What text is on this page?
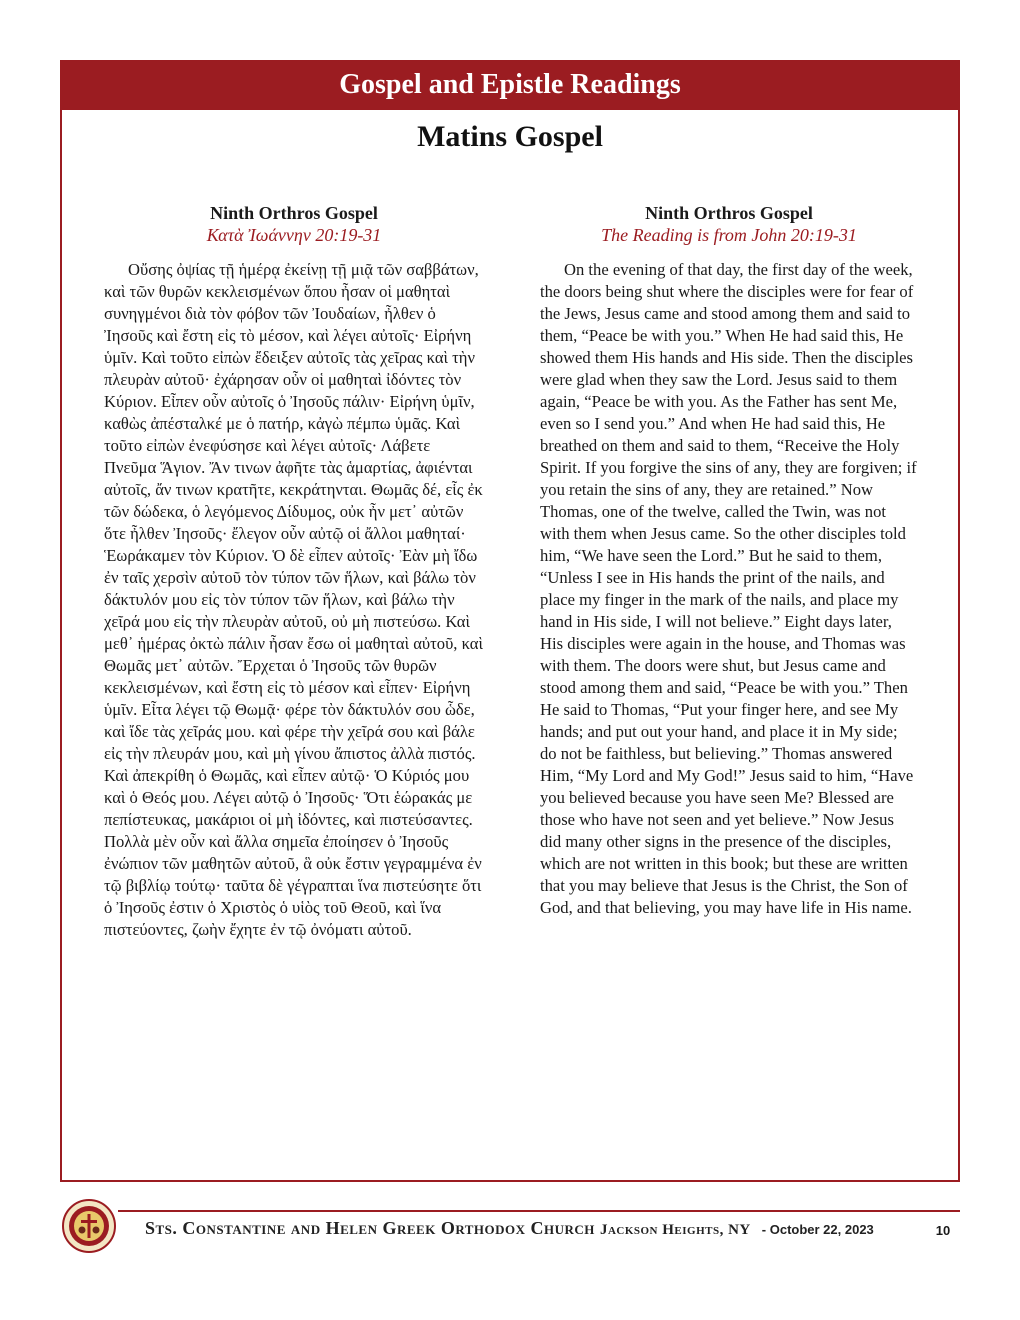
Gospel and Epistle Readings
Matins Gospel
Ninth Orthros Gospel
Κατὰ Ἰωάννην 20:19-31

Οὔσης ὀψίας τῇ ἡμέρᾳ ἐκείνῃ τῇ μιᾷ τῶν σαββάτων, καὶ τῶν θυρῶν κεκλεισμένων ὅπου ἦσαν οἱ μαθηταὶ συνηγμένοι διὰ τὸν φόβον τῶν Ἰουδαίων, ἦλθεν ὁ Ἰησοῦς καὶ ἔστη εἰς τὸ μέσον, καὶ λέγει αὐτοῖς· Εἰρήνη ὑμῖν. Καὶ τοῦτο εἰπὼν ἔδειξεν αὐτοῖς τὰς χεῖρας καὶ τὴν πλευρὰν αὐτοῦ· ἐχάρησαν οὖν οἱ μαθηταὶ ἰδόντες τὸν Κύριον. Εἶπεν οὖν αὐτοῖς ὁ Ἰησοῦς πάλιν· Εἰρήνη ὑμῖν, καθὼς ἀπέσταλκέ με ὁ πατήρ, κἀγὼ πέμπω ὑμᾶς. Καὶ τοῦτο εἰπὼν ἐνεφύσησε καὶ λέγει αὐτοῖς· Λάβετε Πνεῦμα Ἅγιον. Ἄν τινων ἀφῆτε τὰς ἁμαρτίας, ἀφιένται αὐτοῖς, ἄν τινων κρατῆτε, κεκράτηνται. Θωμᾶς δέ, εἷς ἐκ τῶν δώδεκα, ὁ λεγόμενος Δίδυμος, οὐκ ἦν μετ᾽ αὐτῶν ὅτε ἦλθεν Ἰησοῦς· ἔλεγον οὖν αὐτῷ οἱ ἄλλοι μαθηταί· Ἑωράκαμεν τὸν Κύριον. Ὁ δὲ εἶπεν αὐτοῖς· Ἐὰν μὴ ἴδω ἐν ταῖς χερσὶν αὐτοῦ τὸν τύπον τῶν ἥλων, καὶ βάλω τὸν δάκτυλόν μου εἰς τὸν τύπον τῶν ἥλων, καὶ βάλω τὴν χεῖρά μου εἰς τὴν πλευρὰν αὐτοῦ, οὐ μὴ πιστεύσω. Καὶ μεθ᾽ ἡμέρας ὀκτὼ πάλιν ἦσαν ἔσω οἱ μαθηταὶ αὐτοῦ, καὶ Θωμᾶς μετ᾽ αὐτῶν. Ἔρχεται ὁ Ἰησοῦς τῶν θυρῶν κεκλεισμένων, καὶ ἔστη εἰς τὸ μέσον καὶ εἶπεν· Εἰρήνη ὑμῖν. Εἶτα λέγει τῷ Θωμᾷ· φέρε τὸν δάκτυλόν σου ὧδε, καὶ ἴδε τὰς χεῖράς μου. καὶ φέρε τὴν χεῖρά σου καὶ βάλε εἰς τὴν πλευράν μου, καὶ μὴ γίνου ἄπιστος ἀλλὰ πιστός. Καὶ ἀπεκρίθη ὁ Θωμᾶς, καὶ εἶπεν αὐτῷ· Ὁ Κύριός μου καὶ ὁ Θεός μου. Λέγει αὐτῷ ὁ Ἰησοῦς· Ὅτι ἑώρακάς με πεπίστευκας, μακάριοι οἱ μὴ ἰδόντες, καὶ πιστεύσαντες. Πολλὰ μὲν οὖν καὶ ἄλλα σημεῖα ἐποίησεν ὁ Ἰησοῦς ἐνώπιον τῶν μαθητῶν αὐτοῦ, ἃ οὐκ ἔστιν γεγραμμένα ἐν τῷ βιβλίῳ τούτῳ· ταῦτα δὲ γέγραπται ἵνα πιστεύσητε ὅτι ὁ Ἰησοῦς ἐστιν ὁ Χριστὸς ὁ υἱὸς τοῦ Θεοῦ, καὶ ἵνα πιστεύοντες, ζωὴν ἔχητε ἐν τῷ ὀνόματι αὐτοῦ.

Ninth Orthros Gospel
The Reading is from John 20:19-31

On the evening of that day, the first day of the week, the doors being shut where the disciples were for fear of the Jews, Jesus came and stood among them and said to them, “Peace be with you.” When He had said this, He showed them His hands and His side. Then the disciples were glad when they saw the Lord. Jesus said to them again, “Peace be with you. As the Father has sent Me, even so I send you.” And when He had said this, He breathed on them and said to them, “Receive the Holy Spirit. If you forgive the sins of any, they are forgiven; if you retain the sins of any, they are retained.” Now Thomas, one of the twelve, called the Twin, was not with them when Jesus came. So the other disciples told him, “We have seen the Lord.” But he said to them, “Unless I see in His hands the print of the nails, and place my finger in the mark of the nails, and place my hand in His side, I will not believe.” Eight days later, His disciples were again in the house, and Thomas was with them. The doors were shut, but Jesus came and stood among them and said, “Peace be with you.” Then He said to Thomas, “Put your finger here, and see My hands; and put out your hand, and place it in My side; do not be faithless, but believing.” Thomas answered Him, “My Lord and My God!” Jesus said to him, “Have you believed because you have seen Me? Blessed are those who have not seen and yet believe.” Now Jesus did many other signs in the presence of the disciples, which are not written in this book; but these are written that you may believe that Jesus is the Christ, the Son of God, and that believing, you may have life in His name.

Sts. Constantine and Helen Greek Orthodox Church Jackson Heights, NY - October 22, 2023	10
